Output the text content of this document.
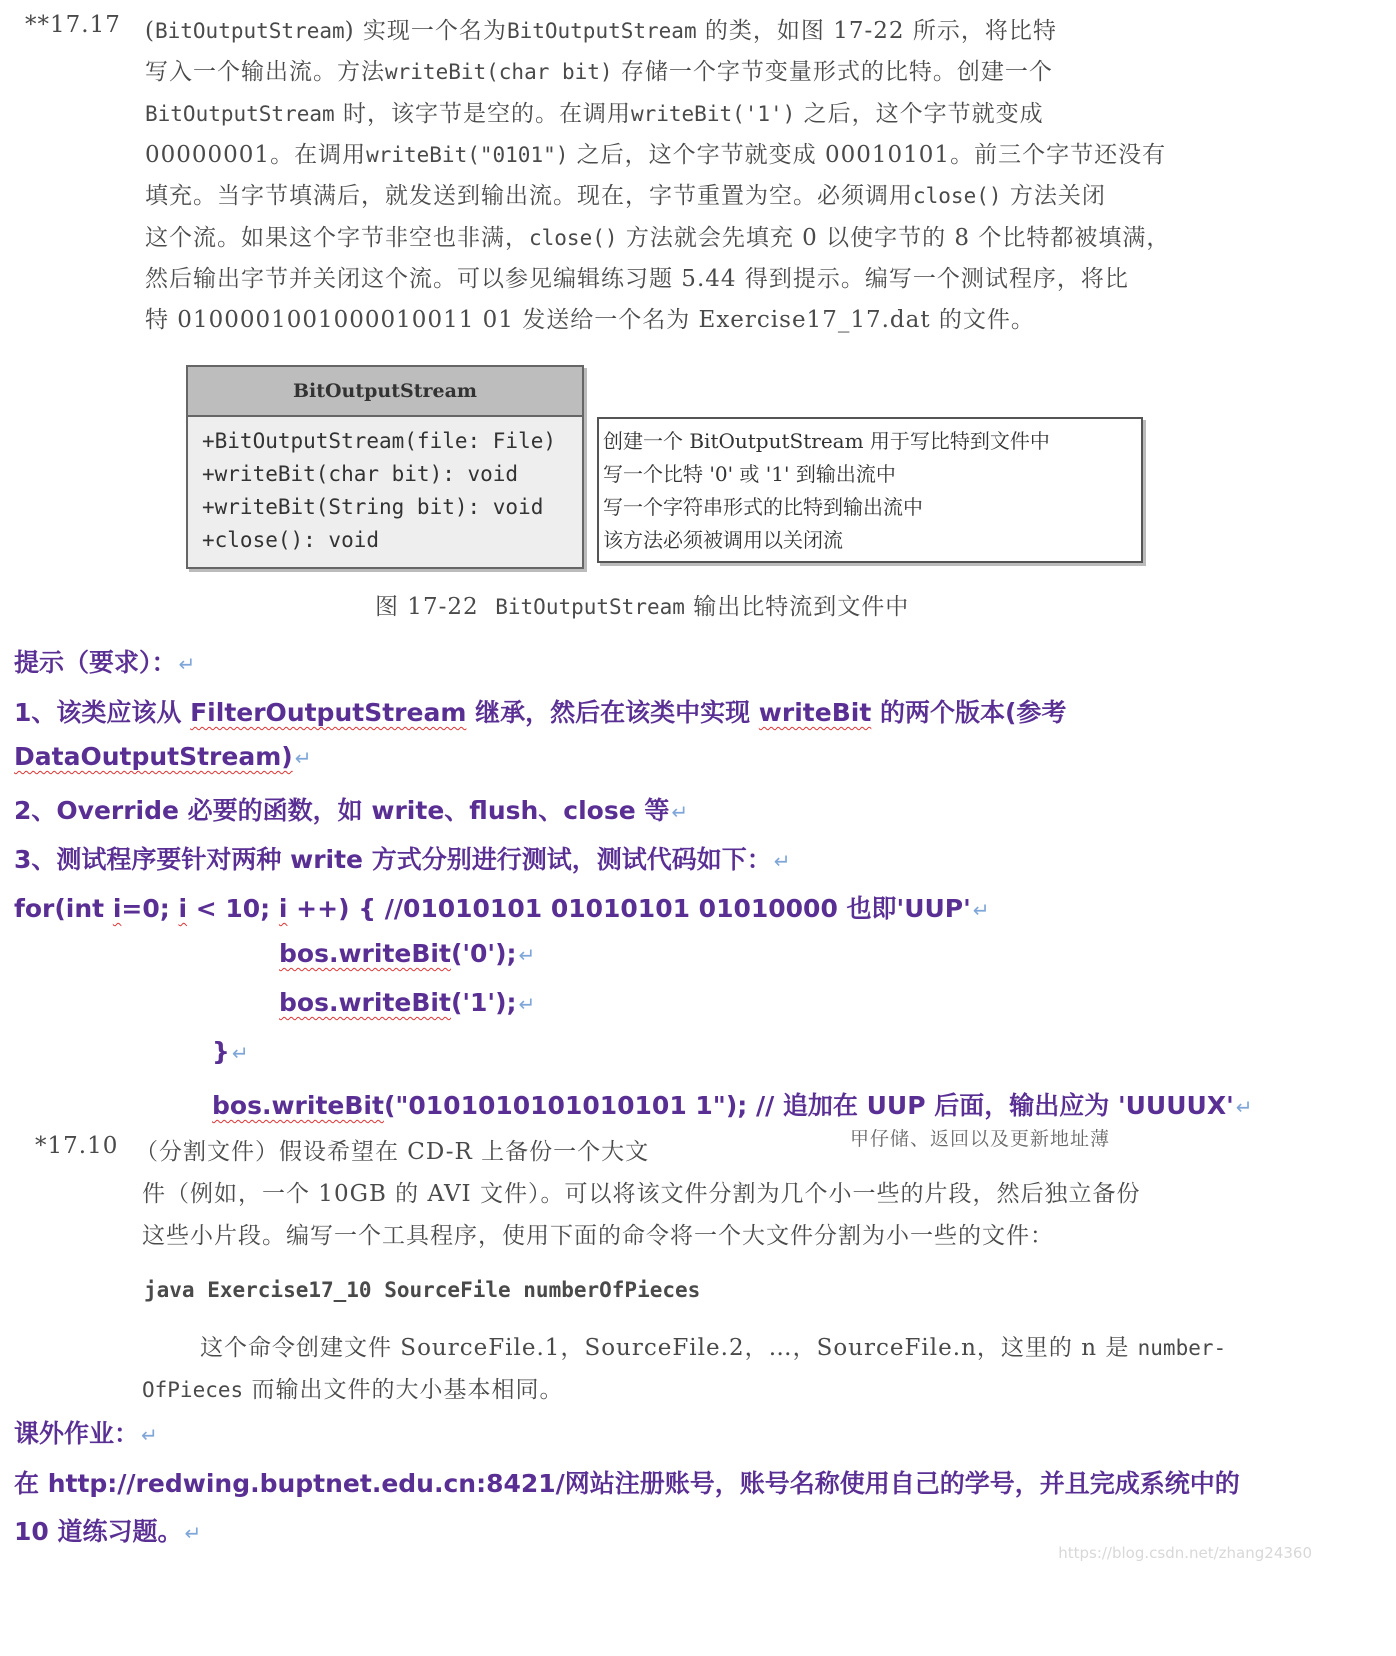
**17.17 (BitOutputStream) 实现一个名为BitOutputStream 的类，如图 17-22 所示，将比特
写入一个输出流。方法writeBit(char bit) 存储一个字节变量形式的比特。创建一个
BitOutputStream 时，该字节是空的。在调用writeBit('1') 之后，这个字节就变成
00000001。在调用writeBit("0101") 之后，这个字节就变成 00010101。前三个字节还没有
填充。当字节填满后，就发送到输出流。现在，字节重置为空。必须调用close() 方法关闭
这个流。如果这个字节非空也非满，close() 方法就会先填充 0 以使字节的 8 个比特都被填满，
然后输出字节并关闭这个流。可以参见编辑练习题 5.44 得到提示。编写一个测试程序，将比
特 0100001001000010011 01 发送给一个名为 Exercise17_17.dat 的文件。
BitOutputStream
+BitOutputStream(file: File)
+writeBit(char bit): void
+writeBit(String bit): void
+close(): void
创建一个 BitOutputStream 用于写比特到文件中
写一个比特 '0' 或 '1' 到输出流中
写一个字符串形式的比特到输出流中
该方法必须被调用以关闭流
图 17-22 BitOutputStream 输出比特流到文件中
提示（要求）： ↵
1、该类应该从 FilterOutputStream 继承，然后在该类中实现 writeBit 的两个版本(参考
DataOutputStream) ↵
2、Override 必要的函数，如 write、flush、close 等 ↵
3、测试程序要针对两种 write 方式分别进行测试，测试代码如下： ↵
for(int i=0; i < 10; i ++) { //01010101 01010101 01010000 也即'UUP' ↵
bos.writeBit('0'); ↵
bos.writeBit('1'); ↵
} ↵
bos.writeBit("0101010101010101 1"); // 追加在 UUP 后面，输出应为 'UUUUX' ↵
*17.10 （分割文件）假设希望在 CD-R 上备份一个大文	甲仔储、返回以及更新地址薄
件（例如，一个 10GB 的 AVI 文件）。可以将该文件分割为几个小一些的片段，然后独立备份
这些小片段。编写一个工具程序，使用下面的命令将一个大文件分割为小一些的文件：
java Exercise17_10 SourceFile numberOfPieces
这个命令创建文件 SourceFile.1，SourceFile.2，…，SourceFile.n，这里的 n 是 number-
OfPieces 而输出文件的大小基本相同。
课外作业： ↵
在 http://redwing.buptnet.edu.cn:8421/网站注册账号，账号名称使用自己的学号，并且完成系统中的
10 道练习题。 ↵
https://blog.csdn.net/zhang24360
